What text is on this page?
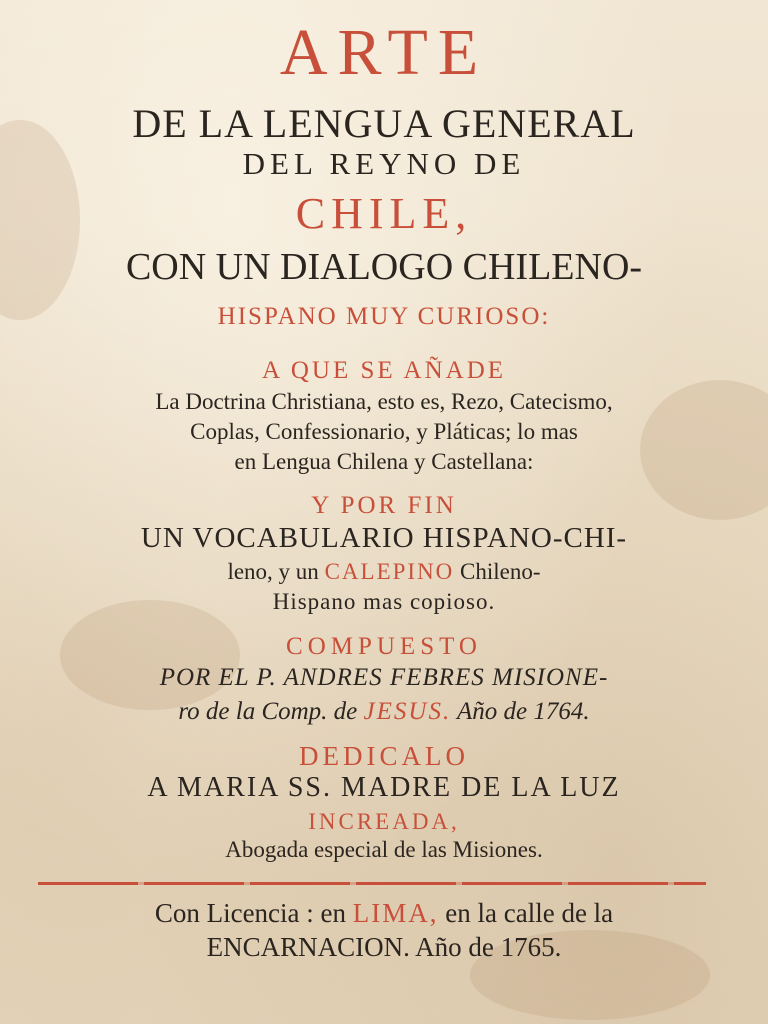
ARTE
DE LA LENGUA GENERAL
DEL REYNO DE
CHILE,
CON UN DIALOGO CHILENO-
HISPANO MUY CURIOSO:
A QUE SE AÑADE
La Doctrina Christiana, esto es, Rezo, Catecismo,
Coplas, Confessionario, y Pláticas; lo mas
en Lengua Chilena y Castellana:
Y POR FIN
UN VOCABULARIO HISPANO-CHI-
leno, y un CALEPINO Chileno-
Hispano mas copioso.
COMPUESTO
POR EL P. ANDRES FEBRES MISIONE-
ro de la Comp. de JESUS. Año de 1764.
DEDICALO
A MARIA SS. MADRE DE LA LUZ
INCREADA,
Abogada especial de las Misiones.
Con Licencia : en LIMA, en la calle de la
ENCARNACION. Año de 1765.
